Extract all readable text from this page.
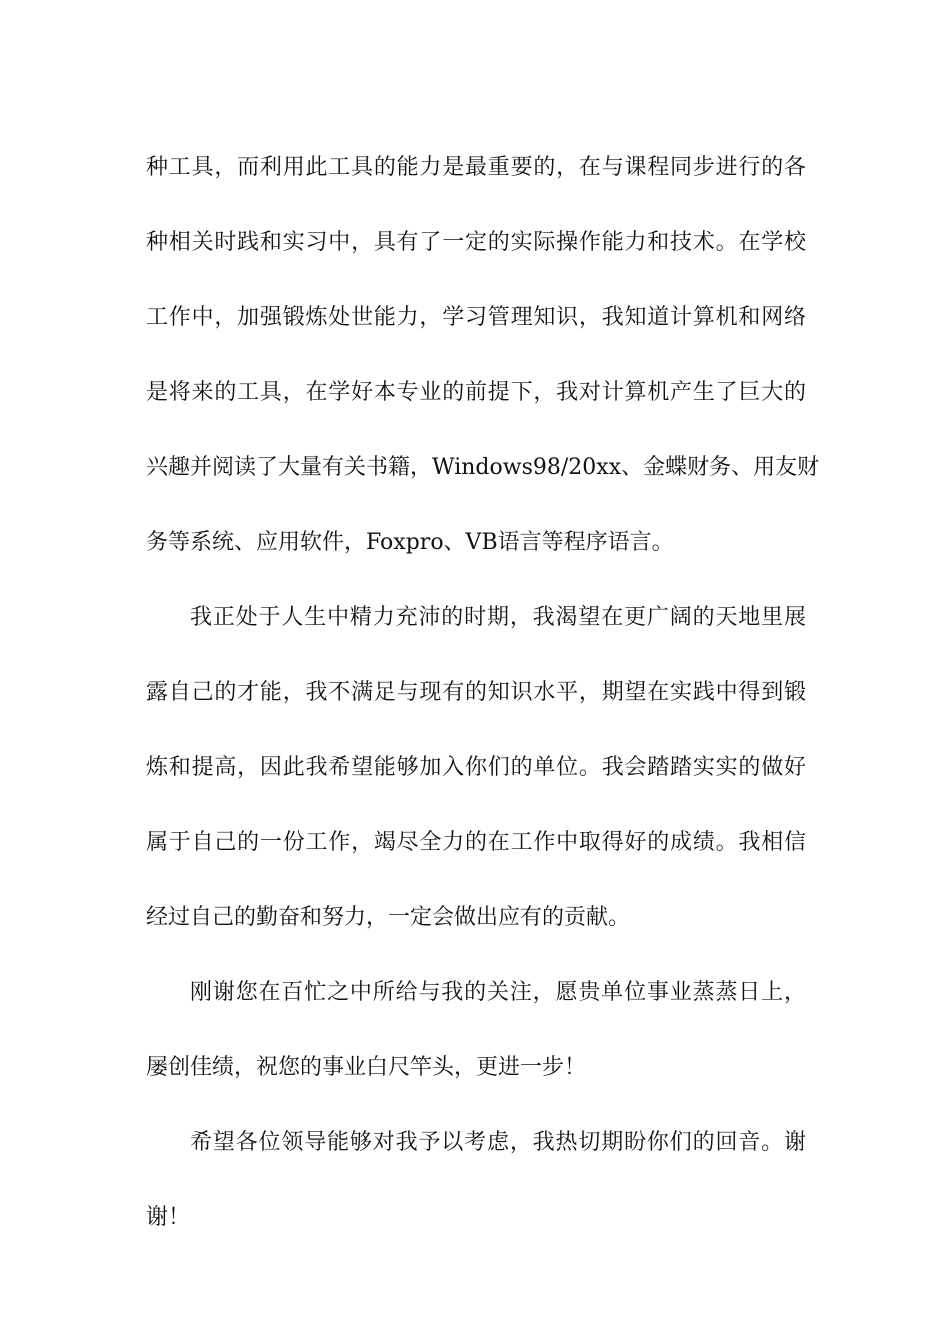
种工具，而利用此工具的能力是最重要的，在与课程同步进行的各
种相关时践和实习中，具有了一定的实际操作能力和技术。在学校
工作中，加强锻炼处世能力，学习管理知识，我知道计算机和网络
是将来的工具，在学好本专业的前提下，我对计算机产生了巨大的
兴趣并阅读了大量有关书籍，Windows98/20xx、金蝶财务、用友财
务等系统、应用软件，Foxpro、VB语言等程序语言。
我正处于人生中精力充沛的时期，我渴望在更广阔的天地里展
露自己的才能，我不满足与现有的知识水平，期望在实践中得到锻
炼和提高，因此我希望能够加入你们的单位。我会踏踏实实的做好
属于自己的一份工作，竭尽全力的在工作中取得好的成绩。我相信
经过自己的勤奋和努力，一定会做出应有的贡献。
刚谢您在百忙之中所给与我的关注，愿贵单位事业蒸蒸日上，
屡创佳绩，祝您的事业白尺竿头，更进一步！
希望各位领导能够对我予以考虑，我热切期盼你们的回音。谢
谢！
